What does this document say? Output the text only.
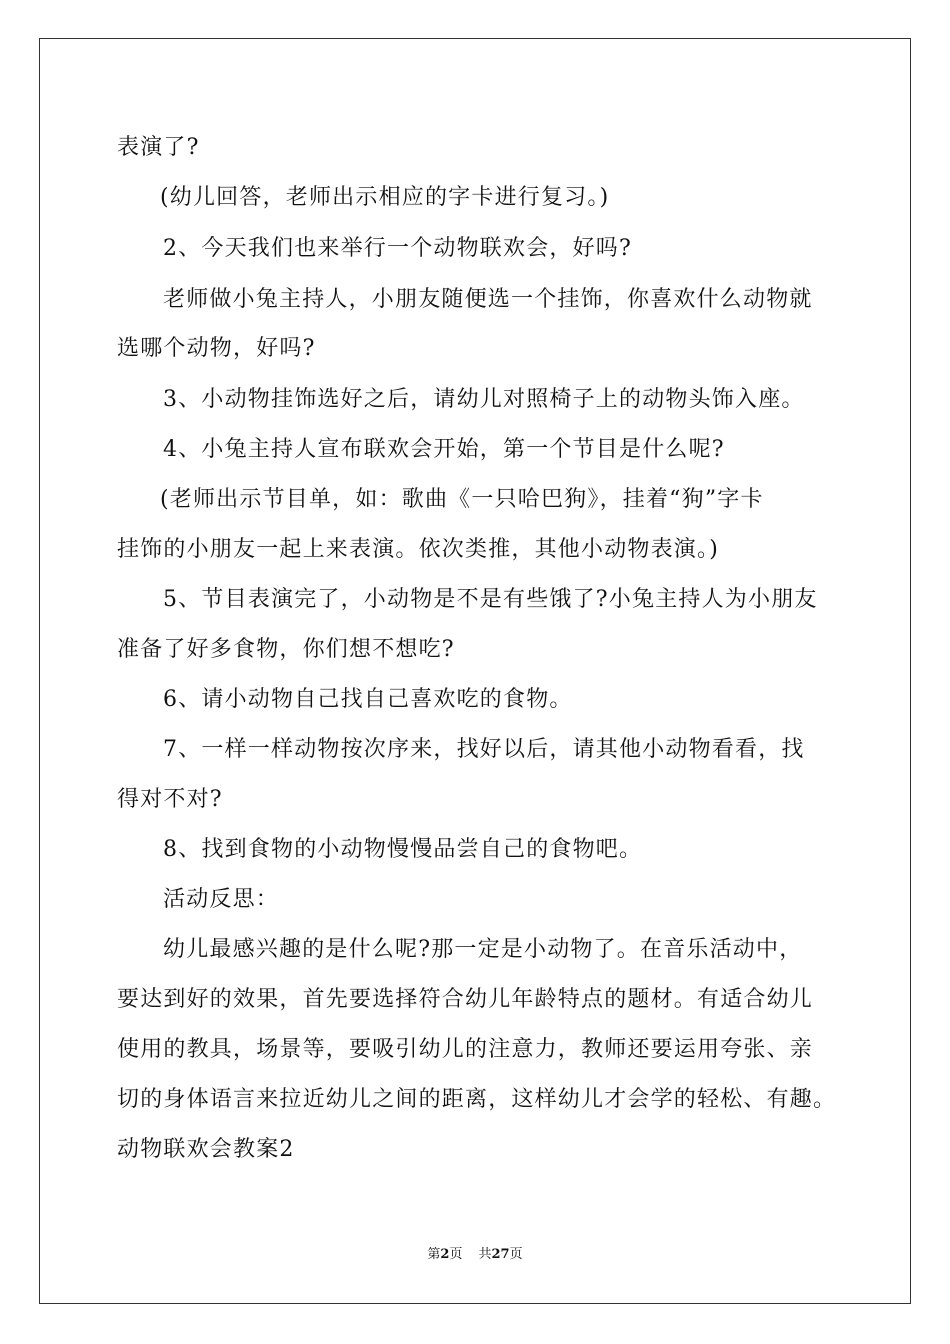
表演了?
(幼儿回答，老师出示相应的字卡进行复习。)
2、今天我们也来举行一个动物联欢会，好吗?
老师做小兔主持人，小朋友随便选一个挂饰，你喜欢什么动物就
选哪个动物，好吗?
3、小动物挂饰选好之后，请幼儿对照椅子上的动物头饰入座。
4、小兔主持人宣布联欢会开始，第一个节目是什么呢?
(老师出示节目单，如：歌曲《一只哈巴狗》，挂着“狗”字卡
挂饰的小朋友一起上来表演。依次类推，其他小动物表演。)
5、节目表演完了，小动物是不是有些饿了?小兔主持人为小朋友
准备了好多食物，你们想不想吃?
6、请小动物自己找自己喜欢吃的食物。
7、一样一样动物按次序来，找好以后，请其他小动物看看，找
得对不对?
8、找到食物的小动物慢慢品尝自己的食物吧。
活动反思：
幼儿最感兴趣的是什么呢?那一定是小动物了。在音乐活动中，
要达到好的效果，首先要选择符合幼儿年龄特点的题材。有适合幼儿
使用的教具，场景等，要吸引幼儿的注意力，教师还要运用夸张、亲
切的身体语言来拉近幼儿之间的距离，这样幼儿才会学的轻松、有趣。
动物联欢会教案2
第2页 共27页
